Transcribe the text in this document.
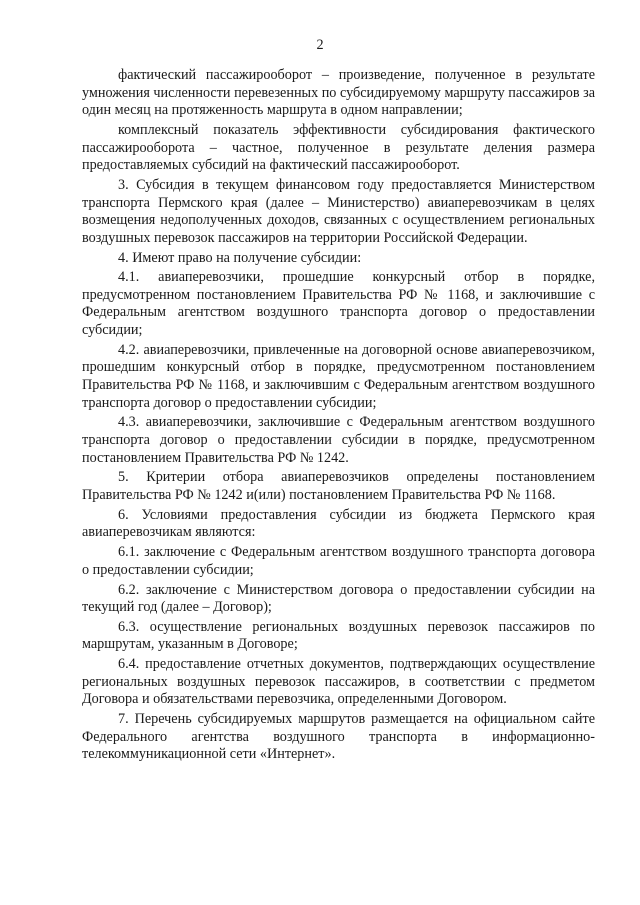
2

фактический пассажирооборот – произведение, полученное в результате умножения численности перевезенных по субсидируемому маршруту пассажиров за один месяц на протяженность маршрута в одном направлении;

комплексный показатель эффективности субсидирования фактического пассажирооборота – частное, полученное в результате деления размера предоставляемых субсидий на фактический пассажирооборот.

3. Субсидия в текущем финансовом году предоставляется Министерством транспорта Пермского края (далее – Министерство) авиаперевозчикам в целях возмещения недополученных доходов, связанных с осуществлением региональных воздушных перевозок пассажиров на территории Российской Федерации.

4. Имеют право на получение субсидии:

4.1. авиаперевозчики, прошедшие конкурсный отбор в порядке, предусмотренном постановлением Правительства РФ № 1168, и заключившие с Федеральным агентством воздушного транспорта договор о предоставлении субсидии;

4.2. авиаперевозчики, привлеченные на договорной основе авиаперевозчиком, прошедшим конкурсный отбор в порядке, предусмотренном постановлением Правительства РФ № 1168, и заключившим с Федеральным агентством воздушного транспорта договор о предоставлении субсидии;

4.3. авиаперевозчики, заключившие с Федеральным агентством воздушного транспорта договор о предоставлении субсидии в порядке, предусмотренном постановлением Правительства РФ № 1242.

5. Критерии отбора авиаперевозчиков определены постановлением Правительства РФ № 1242 и(или) постановлением Правительства РФ № 1168.

6. Условиями предоставления субсидии из бюджета Пермского края авиаперевозчикам являются:

6.1. заключение с Федеральным агентством воздушного транспорта договора о предоставлении субсидии;

6.2. заключение с Министерством договора о предоставлении субсидии на текущий год (далее – Договор);

6.3. осуществление региональных воздушных перевозок пассажиров по маршрутам, указанным в Договоре;

6.4. предоставление отчетных документов, подтверждающих осуществление региональных воздушных перевозок пассажиров, в соответствии с предметом Договора и обязательствами перевозчика, определенными Договором.

7. Перечень субсидируемых маршрутов размещается на официальном сайте Федерального агентства воздушного транспорта в информационно-телекоммуникационной сети «Интернет».
